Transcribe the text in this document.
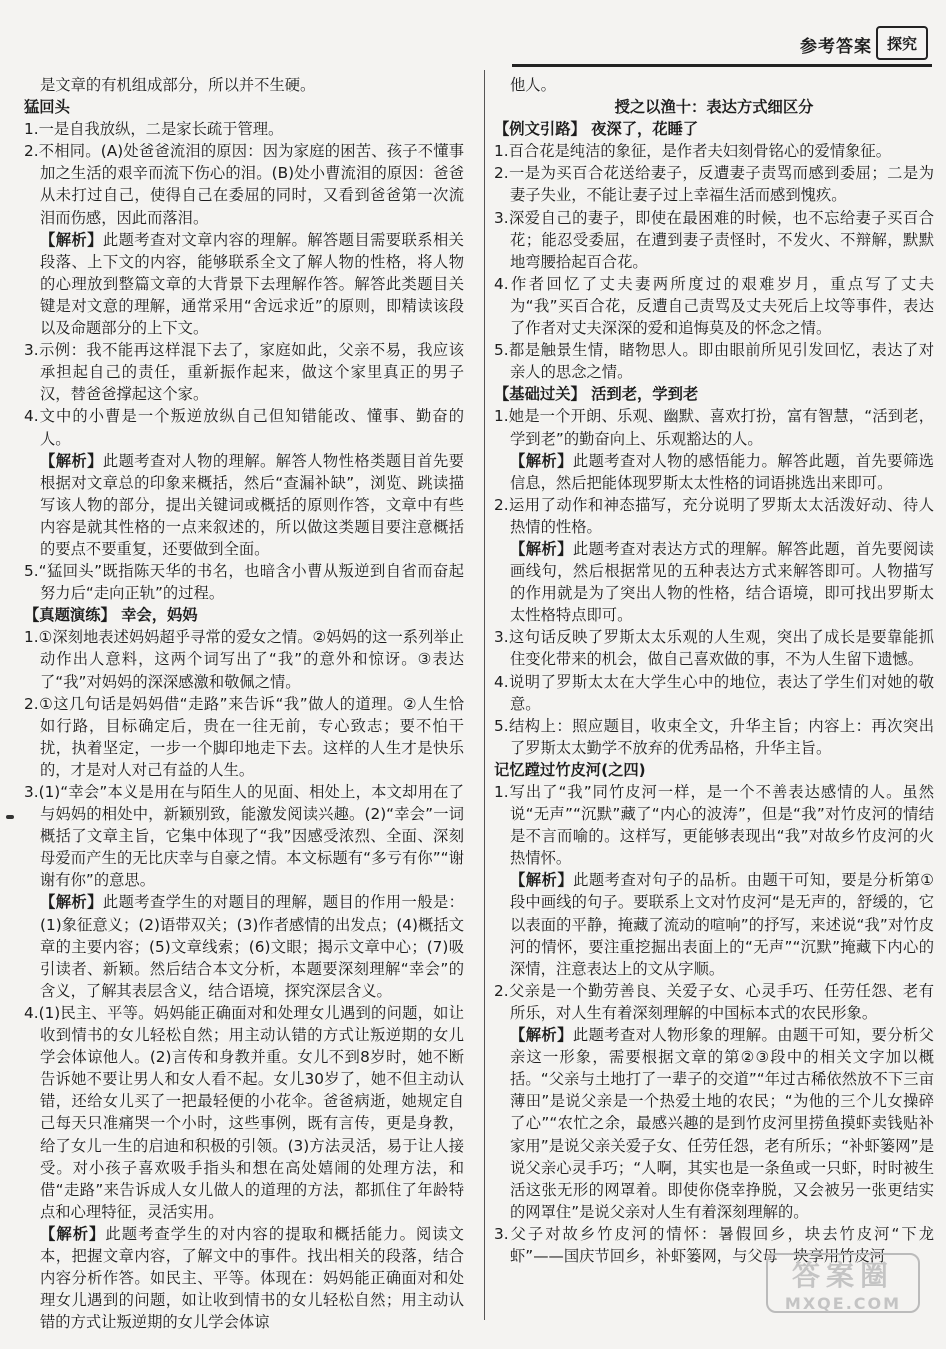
参考答案 探究

是文章的有机组成部分，所以并不生硬。

猛回头

1.一是自我放纵，二是家长疏于管理。

2.不相同。(A)处爸爸流泪的原因：因为家庭的困苦、孩子不懂事加之生活的艰辛而流下伤心的泪。(B)处小曹流泪的原因：爸爸从未打过自己，使得自己在委屈的同时，又看到爸爸第一次流泪而伤感，因此而落泪。

【解析】此题考查对文章内容的理解。解答题目需要联系相关段落、上下文的内容，能够联系全文了解人物的性格，将人物的心理放到整篇文章的大背景下去理解作答。解答此类题目关键是对文意的理解，通常采用“舍远求近”的原则，即精读该段以及命题部分的上下文。

3.示例：我不能再这样混下去了，家庭如此，父亲不易，我应该承担起自己的责任，重新振作起来，做这个家里真正的男子汉，替爸爸撑起这个家。

4.文中的小曹是一个叛逆放纵自己但知错能改、懂事、勤奋的人。

【解析】此题考查对人物的理解。解答人物性格类题目首先要根据对文章总的印象来概括，然后“查漏补缺”，浏览、跳读描写该人物的部分，提出关键词或概括的原则作答，文章中有些内容是就其性格的一点来叙述的，所以做这类题目要注意概括的要点不要重复，还要做到全面。

5.“猛回头”既指陈天华的书名，也暗含小曹从叛逆到自省而奋起努力后“走向正轨”的过程。

【真题演练】 幸会，妈妈

1.①深刻地表述妈妈超乎寻常的爱女之情。②妈妈的这一系列举止动作出人意料，这两个词写出了“我”的意外和惊讶。③表达了“我”对妈妈的深深感激和敬佩之情。

2.①这几句话是妈妈借“走路”来告诉“我”做人的道理。②人生恰如行路，目标确定后，贵在一往无前，专心致志；要不怕干扰，执着坚定，一步一个脚印地走下去。这样的人生才是快乐的，才是对人对己有益的人生。

3.(1)“幸会”本义是用在与陌生人的见面、相处上，本文却用在了与妈妈的相处中，新颖别致，能激发阅读兴趣。(2)“幸会”一词概括了文章主旨，它集中体现了“我”因感受浓烈、全面、深刻母爱而产生的无比庆幸与自豪之情。本文标题有“多亏有你”“谢谢有你”的意思。

【解析】此题考查学生的对题目的理解，题目的作用一般是：(1)象征意义；(2)语带双关；(3)作者感情的出发点；(4)概括文章的主要内容；(5)文章线索；(6)文眼；揭示文章中心；(7)吸引读者、新颖。然后结合本文分析，本题要深刻理解“幸会”的含义，了解其表层含义，结合语境，探究深层含义。

4.(1)民主、平等。妈妈能正确面对和处理女儿遇到的问题，如让收到情书的女儿轻松自然；用主动认错的方式让叛逆期的女儿学会体谅他人。(2)言传和身教并重。女儿不到8岁时，她不断告诉她不要让男人和女人看不起。女儿30岁了，她不但主动认错，还给女儿买了一把最轻便的小花伞。爸爸病逝，她规定自己每天只准痛哭一个小时，这些事例，既有言传，更是身教，给了女儿一生的启迪和积极的引领。(3)方法灵活，易于让人接受。对小孩子喜欢吸手指头和想在高处嬉闹的处理方法，和借“走路”来告诉成人女儿做人的道理的方法，都抓住了年龄特点和心理特征，灵活实用。

【解析】此题考查学生的对内容的提取和概括能力。阅读文本，把握文章内容，了解文中的事件。找出相关的段落，结合内容分析作答。如民主、平等。体现在：妈妈能正确面对和处理女儿遇到的问题，如让收到情书的女儿轻松自然；用主动认错的方式让叛逆期的女儿学会体谅

他人。

授之以渔十：表达方式细区分

【例文引路】 夜深了，花睡了

1.百合花是纯洁的象征，是作者夫妇刻骨铭心的爱情象征。

2.一是为买百合花送给妻子，反遭妻子责骂而感到委屈；二是为妻子失业，不能让妻子过上幸福生活而感到愧疚。

3.深爱自己的妻子，即使在最困难的时候，也不忘给妻子买百合花；能忍受委屈，在遭到妻子责怪时，不发火、不辩解，默默地弯腰拾起百合花。

4.作者回忆了丈夫妻两所度过的艰难岁月，重点写了丈夫为“我”买百合花，反遭自己责骂及丈夫死后上坟等事件，表达了作者对丈夫深深的爱和追悔莫及的怀念之情。

5.都是触景生情，睹物思人。即由眼前所见引发回忆，表达了对亲人的思念之情。

【基础过关】 活到老，学到老

1.她是一个开朗、乐观、幽默、喜欢打扮，富有智慧，“活到老，学到老”的勤奋向上、乐观豁达的人。

【解析】此题考查对人物的感悟能力。解答此题，首先要筛选信息，然后把能体现罗斯太太性格的词语挑选出来即可。

2.运用了动作和神态描写，充分说明了罗斯太太活泼好动、待人热情的性格。

【解析】此题考查对表达方式的理解。解答此题，首先要阅读画线句，然后根据常见的五种表达方式来解答即可。人物描写的作用就是为了突出人物的性格，结合语境，即可找出罗斯太太性格特点即可。

3.这句话反映了罗斯太太乐观的人生观，突出了成长是要靠能抓住变化带来的机会，做自己喜欢做的事，不为人生留下遗憾。

4.说明了罗斯太太在大学生心中的地位，表达了学生们对她的敬意。

5.结构上：照应题目，收束全文，升华主旨；内容上：再次突出了罗斯太太勤学不放弃的优秀品格，升华主旨。

记忆蹚过竹皮河(之四)

1.写出了“我”同竹皮河一样，是一个不善表达感情的人。虽然说“无声”“沉默”藏了“内心的波涛”，但是“我”对竹皮河的情结是不言而喻的。这样写，更能够表现出“我”对故乡竹皮河的火热情怀。

【解析】此题考查对句子的品析。由题干可知，要是分析第①段中画线的句子。要联系上文对竹皮河“是无声的，舒缓的，它以表面的平静，掩藏了流动的喧响”的抒写，来述说“我”对竹皮河的情怀，要注重挖掘出表面上的“无声”“沉默”掩藏下内心的深情，注意表达上的文从字顺。

2.父亲是一个勤劳善良、关爱子女、心灵手巧、任劳任怨、老有所乐，对人生有着深刻理解的中国标本式的农民形象。

【解析】此题考查对人物形象的理解。由题干可知，要分析父亲这一形象，需要根据文章的第②③段中的相关文字加以概括。“父亲与土地打了一辈子的交道”“年过古稀依然放不下三亩薄田”是说父亲是一个热爱土地的农民；“为他的三个儿女操碎了心”“农忙之余，最感兴趣的是到竹皮河里捞鱼摸虾卖钱贴补家用”是说父亲关爱子女、任劳任怨，老有所乐；“补虾篓网”是说父亲心灵手巧；“人啊，其实也是一条鱼或一只虾，时时被生活这张无形的网罩着。即使你侥幸挣脱，又会被另一张更结实的网罩住”是说父亲对人生有着深刻理解的。

3.父子对故乡竹皮河的情怀：暑假回乡，块去竹皮河“下龙虾”——国庆节回乡，补虾篓网，与父母一块享用竹皮河

答案圈
MXQE.COM
